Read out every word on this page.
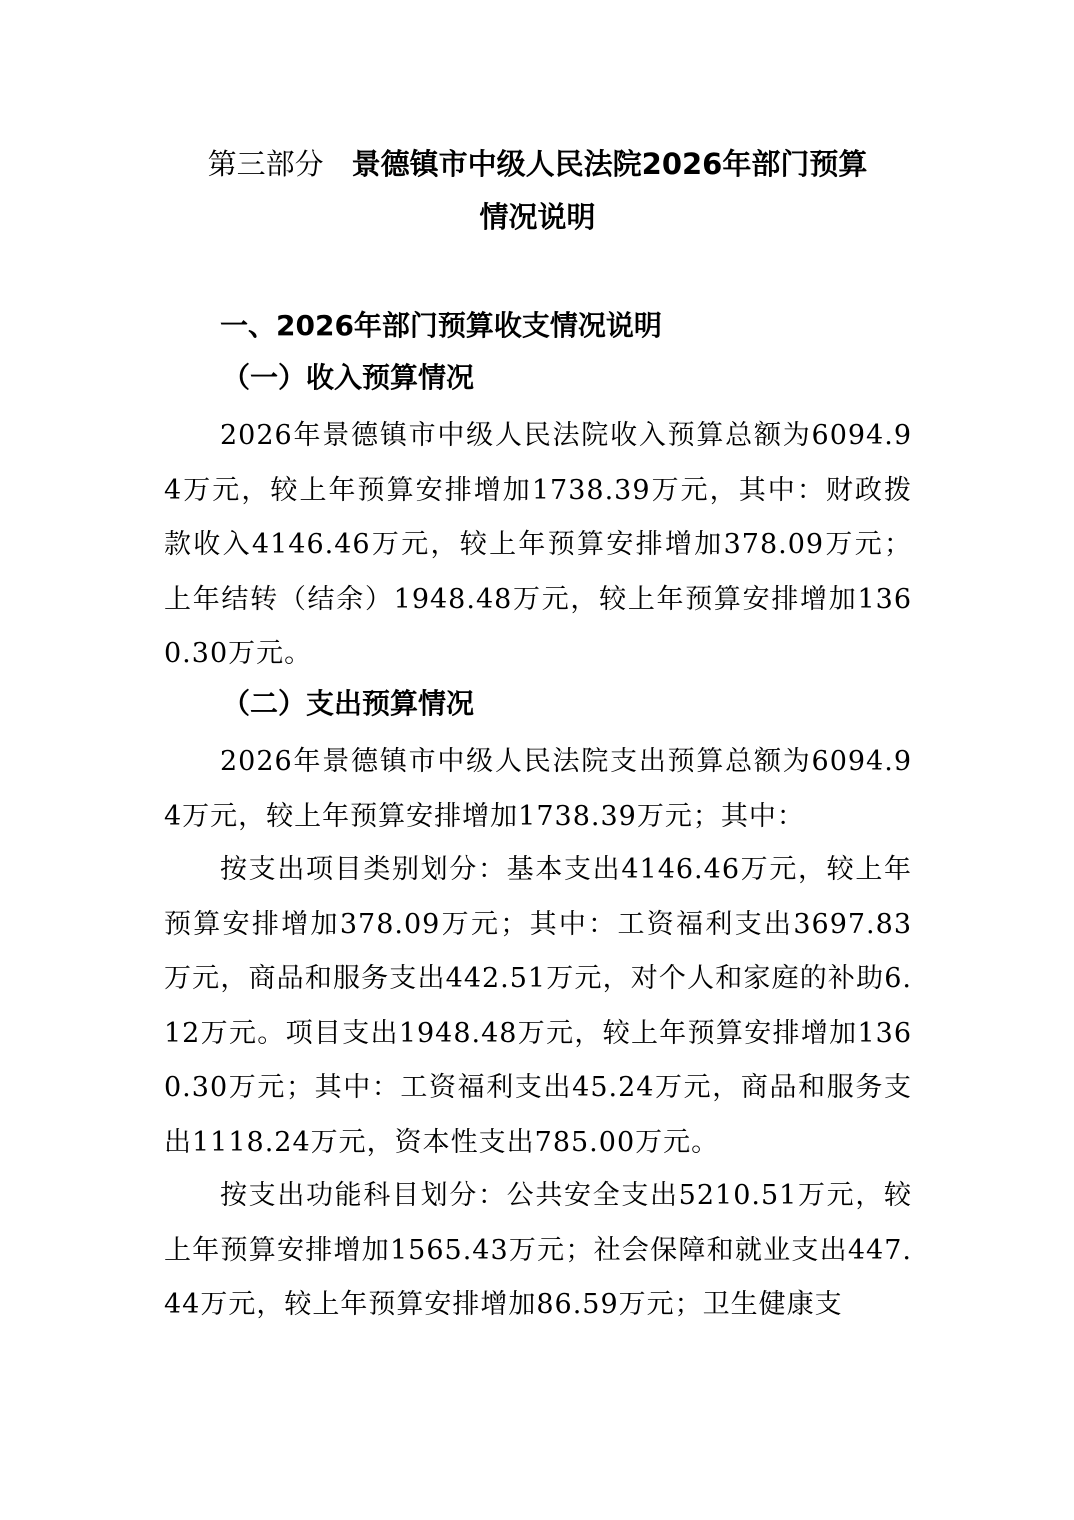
第三部分 景德镇市中级人民法院2026年部门预算
情况说明
一、2026年部门预算收支情况说明
（一）收入预算情况

2026年景德镇市中级人民法院收入预算总额为6094.94万元，较上年预算安排增加1738.39万元，其中：财政拨款收入4146.46万元，较上年预算安排增加378.09万元；上年结转（结余）1948.48万元，较上年预算安排增加1360.30万元。

（二）支出预算情况

2026年景德镇市中级人民法院支出预算总额为6094.94万元，较上年预算安排增加1738.39万元；其中：

按支出项目类别划分：基本支出4146.46万元，较上年预算安排增加378.09万元；其中：工资福利支出3697.83万元，商品和服务支出442.51万元，对个人和家庭的补助6.12万元。项目支出1948.48万元，较上年预算安排增加1360.30万元；其中：工资福利支出45.24万元，商品和服务支出1118.24万元，资本性支出785.00万元。

按支出功能科目划分：公共安全支出5210.51万元，较上年预算安排增加1565.43万元；社会保障和就业支出447.44万元，较上年预算安排增加86.59万元；卫生健康支
